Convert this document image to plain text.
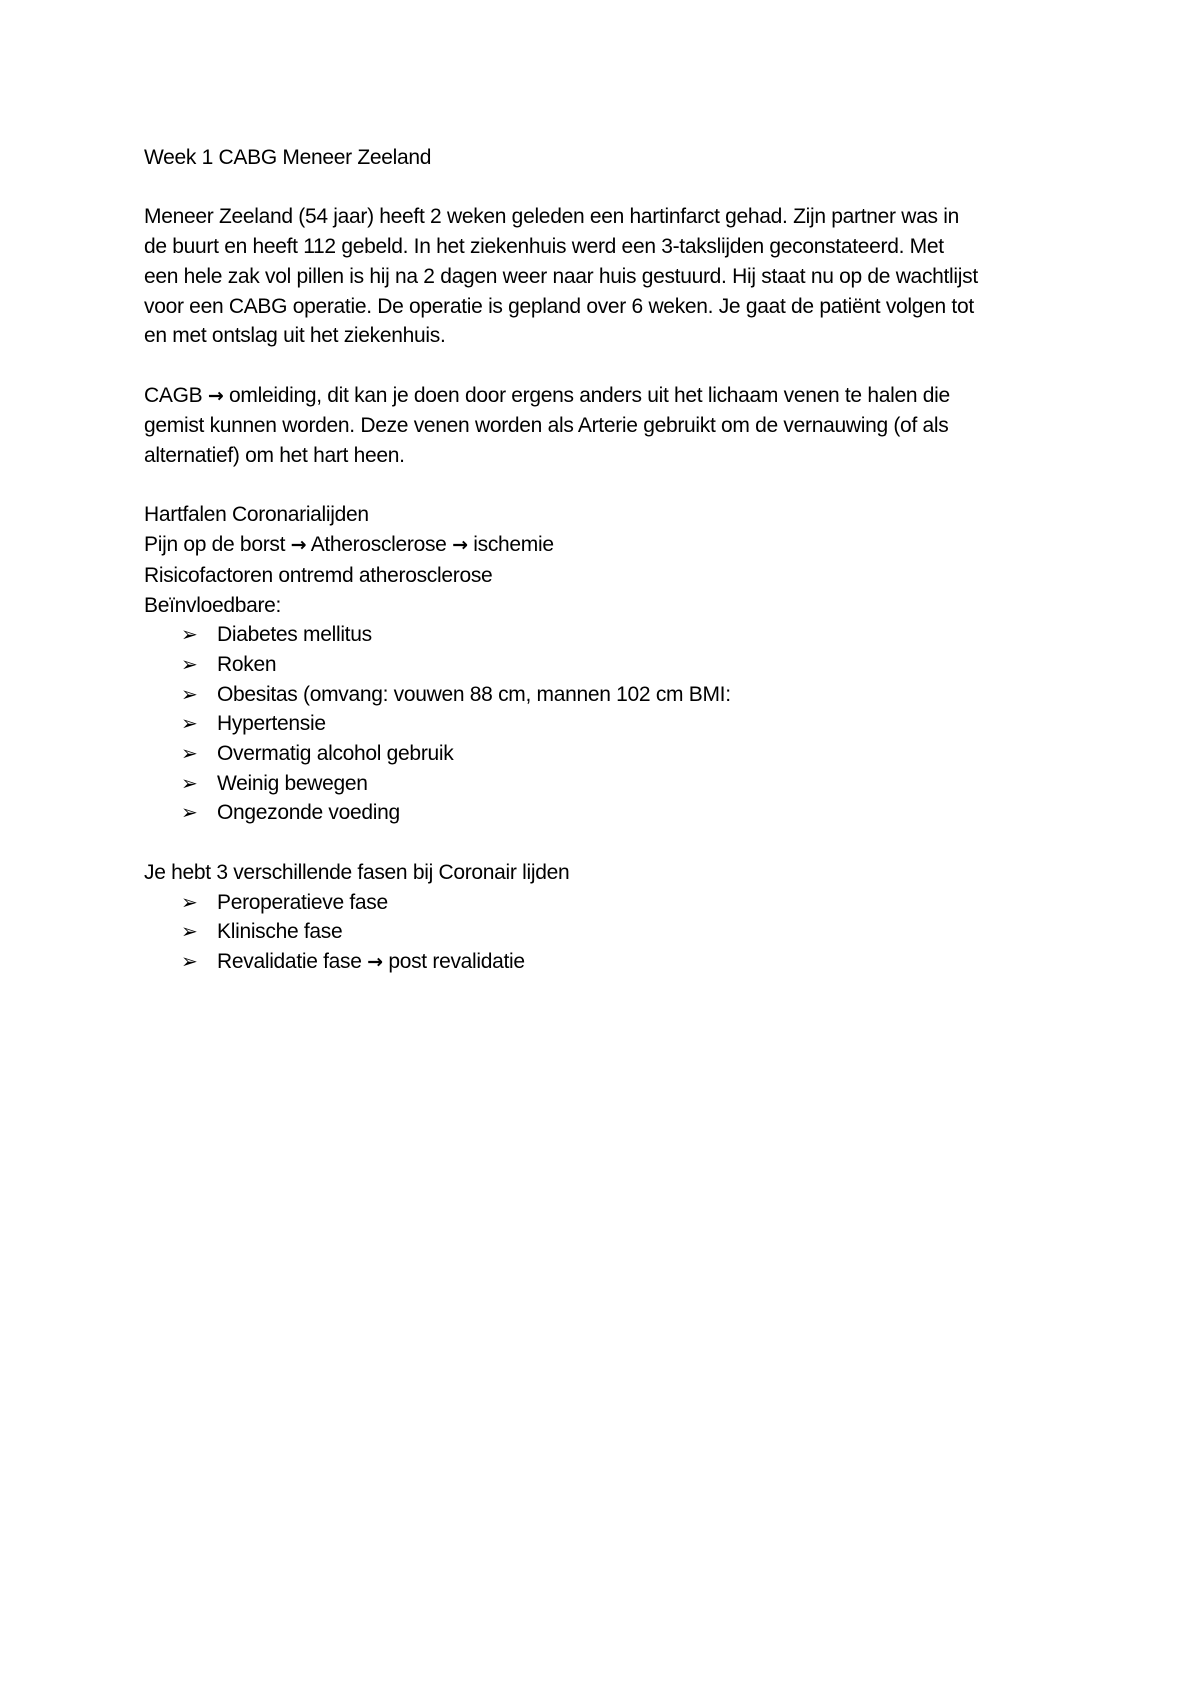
Week 1 CABG Meneer Zeeland

Meneer Zeeland (54 jaar) heeft 2 weken geleden een hartinfarct gehad. Zijn partner was in

de buurt en heeft 112 gebeld. In het ziekenhuis werd een 3-takslijden geconstateerd. Met

een hele zak vol pillen is hij na 2 dagen weer naar huis gestuurd. Hij staat nu op de wachtlijst

voor een CABG operatie. De operatie is gepland over 6 weken. Je gaat de patiënt volgen tot

en met ontslag uit het ziekenhuis.

CAGB → omleiding, dit kan je doen door ergens anders uit het lichaam venen te halen die

gemist kunnen worden. Deze venen worden als Arterie gebruikt om de vernauwing (of als

alternatief) om het hart heen.

Hartfalen Coronarialijden

Pijn op de borst → Atherosclerose → ischemie

Risicofactoren ontremd atherosclerose

Beïnvloedbare:

➢ Diabetes mellitus
➢ Roken
➢ Obesitas (omvang: vouwen 88 cm, mannen 102 cm BMI:
➢ Hypertensie
➢ Overmatig alcohol gebruik
➢ Weinig bewegen
➢ Ongezonde voeding

Je hebt 3 verschillende fasen bij Coronair lijden

➢ Peroperatieve fase
➢ Klinische fase
➢ Revalidatie fase → post revalidatie
